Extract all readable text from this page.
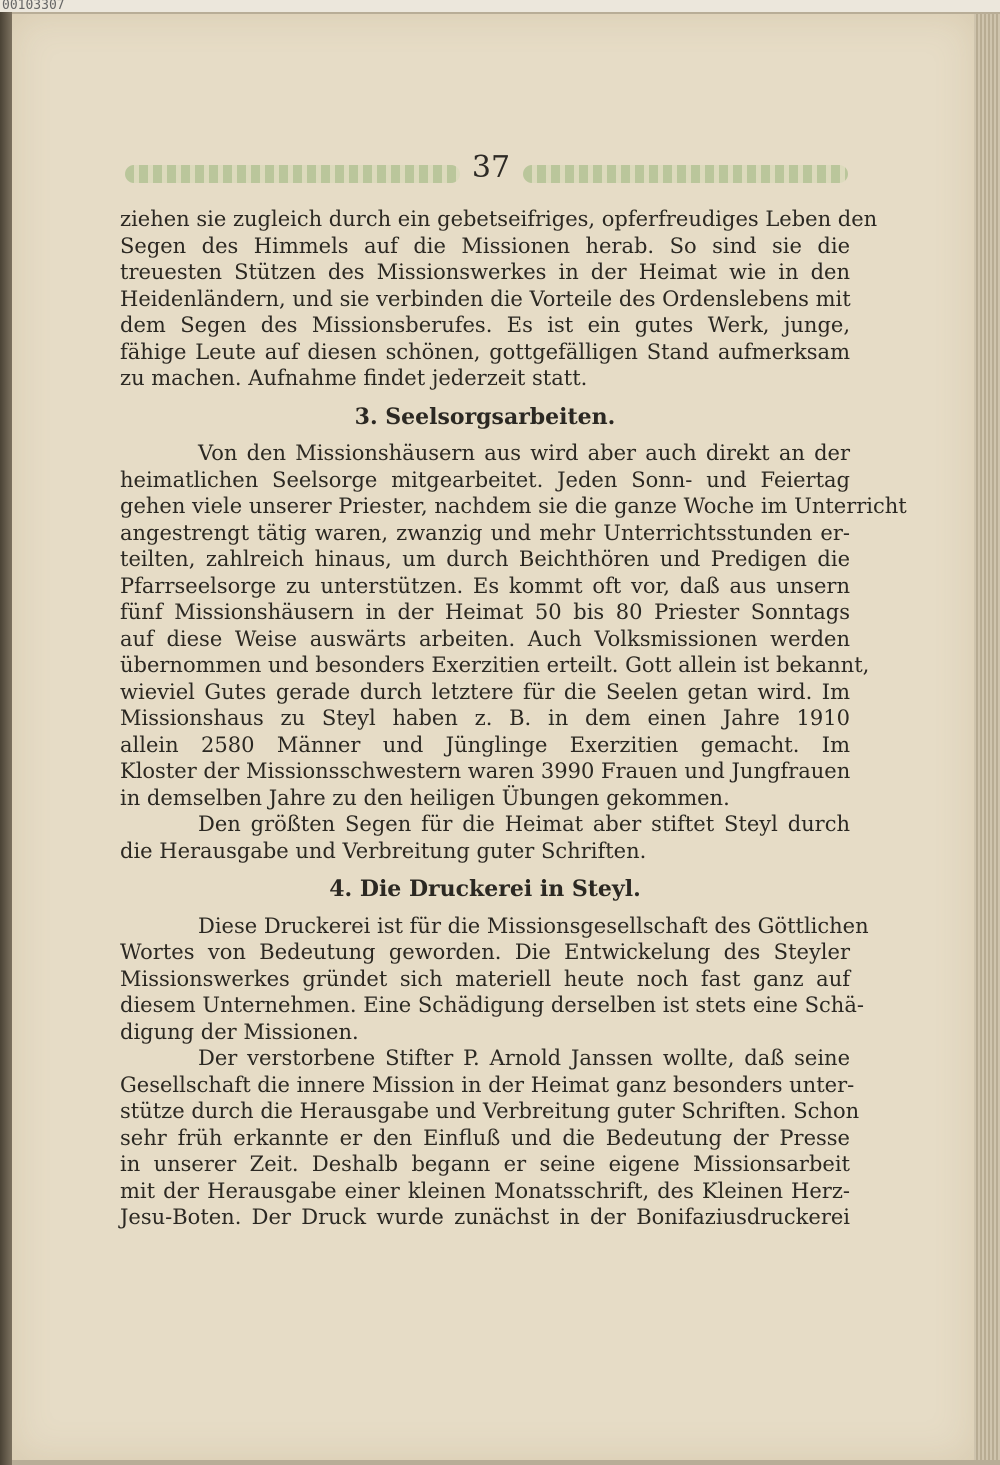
00103307
37

ziehen sie zugleich durch ein gebetseifriges, opferfreudiges Leben den
Segen des Himmels auf die Missionen herab. So sind sie die
treuesten Stützen des Missionswerkes in der Heimat wie in den
Heidenländern, und sie verbinden die Vorteile des Ordenslebens mit
dem Segen des Missionsberufes. Es ist ein gutes Werk, junge,
fähige Leute auf diesen schönen, gottgefälligen Stand aufmerksam
zu machen. Aufnahme findet jederzeit statt.

3. Seelsorgsarbeiten.

Von den Missionshäusern aus wird aber auch direkt an der
heimatlichen Seelsorge mitgearbeitet. Jeden Sonn- und Feiertag
gehen viele unserer Priester, nachdem sie die ganze Woche im Unterricht
angestrengt tätig waren, zwanzig und mehr Unterrichtsstunden er-
teilten, zahlreich hinaus, um durch Beichthören und Predigen die
Pfarrseelsorge zu unterstützen. Es kommt oft vor, daß aus unsern
fünf Missionshäusern in der Heimat 50 bis 80 Priester Sonntags
auf diese Weise auswärts arbeiten. Auch Volksmissionen werden
übernommen und besonders Exerzitien erteilt. Gott allein ist bekannt,
wieviel Gutes gerade durch letztere für die Seelen getan wird. Im
Missionshaus zu Steyl haben z. B. in dem einen Jahre 1910
allein 2580 Männer und Jünglinge Exerzitien gemacht. Im
Kloster der Missionsschwestern waren 3990 Frauen und Jungfrauen
in demselben Jahre zu den heiligen Übungen gekommen.

Den größten Segen für die Heimat aber stiftet Steyl durch
die Herausgabe und Verbreitung guter Schriften.

4. Die Druckerei in Steyl.

Diese Druckerei ist für die Missionsgesellschaft des Göttlichen
Wortes von Bedeutung geworden. Die Entwickelung des Steyler
Missionswerkes gründet sich materiell heute noch fast ganz auf
diesem Unternehmen. Eine Schädigung derselben ist stets eine Schä-
digung der Missionen.

Der verstorbene Stifter P. Arnold Janssen wollte, daß seine
Gesellschaft die innere Mission in der Heimat ganz besonders unter-
stütze durch die Herausgabe und Verbreitung guter Schriften. Schon
sehr früh erkannte er den Einfluß und die Bedeutung der Presse
in unserer Zeit. Deshalb begann er seine eigene Missionsarbeit
mit der Herausgabe einer kleinen Monatsschrift, des Kleinen Herz-
Jesu-Boten. Der Druck wurde zunächst in der Bonifaziusdruckerei
